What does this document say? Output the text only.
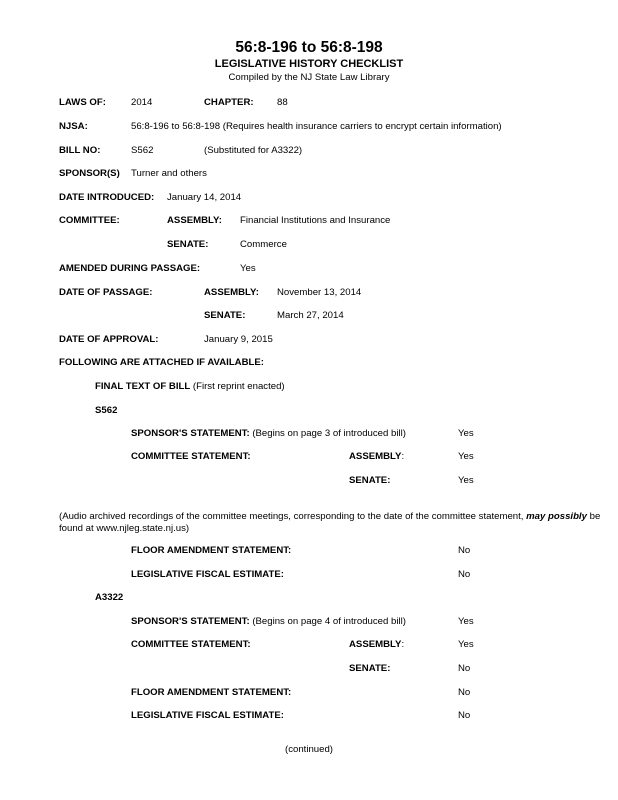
56:8-196 to 56:8-198
LEGISLATIVE HISTORY CHECKLIST
Compiled by the NJ State Law Library
LAWS OF:	2014	CHAPTER: 88
NJSA:	56:8-196 to 56:8-198 (Requires health insurance carriers to encrypt certain information)
BILL NO:	S562	(Substituted for A3322)
SPONSOR(S) Turner and others
DATE INTRODUCED: January 14, 2014
COMMITTEE:	ASSEMBLY: Financial Institutions and Insurance
SENATE:	Commerce
AMENDED DURING PASSAGE:	Yes
DATE OF PASSAGE:	ASSEMBLY: November 13, 2014
SENATE:	March 27, 2014
DATE OF APPROVAL:	January 9, 2015
FOLLOWING ARE ATTACHED IF AVAILABLE:
FINAL TEXT OF BILL (First reprint enacted)
S562
SPONSOR'S STATEMENT: (Begins on page 3 of introduced bill)	Yes
COMMITTEE STATEMENT:	ASSEMBLY:	Yes
SENATE:	Yes
(Audio archived recordings of the committee meetings, corresponding to the date of the committee statement, may possibly be found at www.njleg.state.nj.us)
FLOOR AMENDMENT STATEMENT:	No
LEGISLATIVE FISCAL ESTIMATE:	No
A3322
SPONSOR'S STATEMENT: (Begins on page 4 of introduced bill)	Yes
COMMITTEE STATEMENT:	ASSEMBLY:	Yes
SENATE:	No
FLOOR AMENDMENT STATEMENT:	No
LEGISLATIVE FISCAL ESTIMATE:	No
(continued)
